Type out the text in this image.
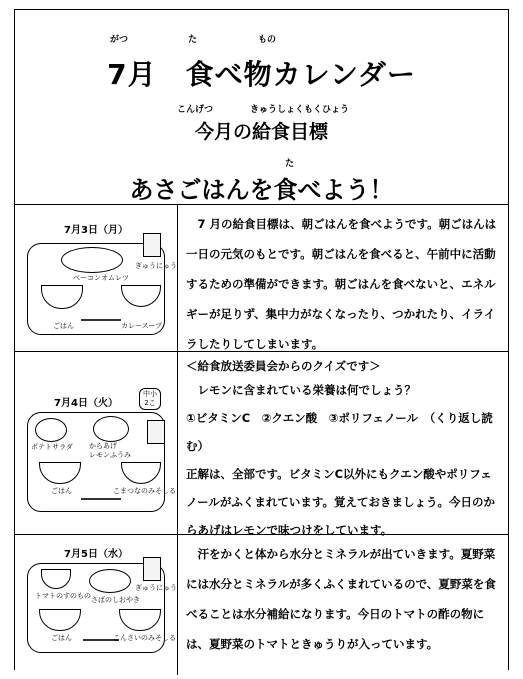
がつ	た	もの
7月　食べ物カレンダー
こんげつ	きゅうしょくもくひょう
今月の給食目標
た
あさごはんを食べよう！
7月3日（月）
ベーコンオムレツ
ぎゅうにゅう
ごはん	カレースープ

　7 月の給食目標は、朝ごはんを食べようです。朝ごはんは一日の元気のもとです。朝ごはんを食べると、午前中に活動するための準備ができます。朝ごはんを食べないと、エネルギーが足りず、集中力がなくなったり、つかれたり、イライラしたりしてしまいます。

7月4日（火）
中小
2こ
ポテトサラダ からあげ
レモンふうみ
ごはん	こまつなのみそしる
＜給食放送委員会からのクイズです＞
　レモンに含まれている栄養は何でしょう？
①ビタミンC　②クエン酸　③ポリフェノール　（くり返し読む）
正解は、全部です。ビタミンC以外にもクエン酸やポリフェノールがふくまれています。覚えておきましょう。今日のからあげはレモンで味つけをしています。
7月5日（水）
トマトのすのもの さばのしおやき
ぎゅうにゅう
ごはん	こんさいのみそしる

　汗をかくと体から水分とミネラルが出ていきます。夏野菜には水分とミネラルが多くふくまれているので、夏野菜を食べることは水分補給になります。今日のトマトの酢の物には、夏野菜のトマトときゅうりが入っています。
